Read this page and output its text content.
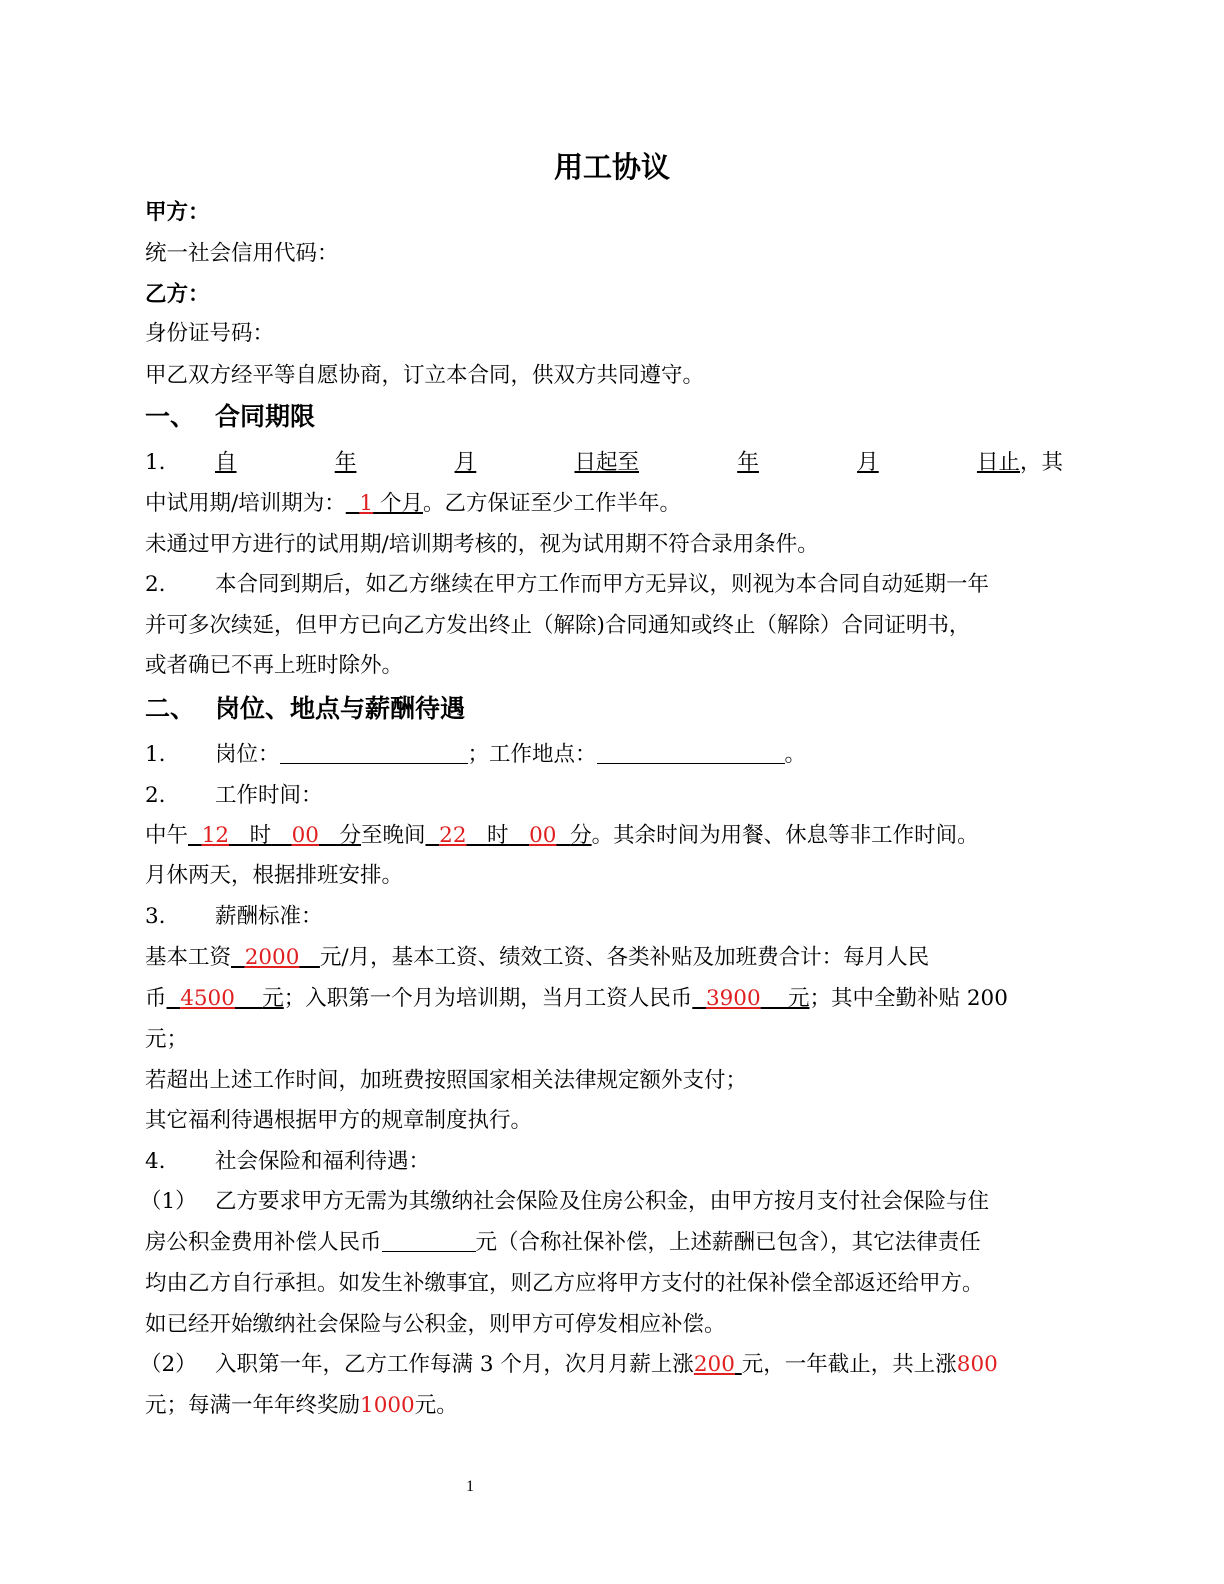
用工协议
甲方：
统一社会信用代码：
乙方：
身份证号码：
甲乙双方经平等自愿协商，订立本合同，供双方共同遵守。
一、 合同期限
1. 自	年	月	日起至	年	月	日止 ，其
中试用期/培训期为： 1 个月。乙方保证至少工作半年。
未通过甲方进行的试用期/培训期考核的，视为试用期不符合录用条件。
2. 本合同到期后，如乙方继续在甲方工作而甲方无异议，则视为本合同自动延期一年
并可多次续延，但甲方已向乙方发出终止（解除)合同通知或终止（解除）合同证明书，
或者确已不再上班时除外。
二、 岗位、地点与薪酬待遇
1. 岗位：	；工作地点：	。
2. 工作时间：
中午 12 时 00 分至晚间 22 时 00 分。其余时间为用餐、休息等非工作时间。
月休两天，根据排班安排。
3. 薪酬标准：
基本工资 2000 元/月，基本工资、绩效工资、各类补贴及加班费合计：每月人民
币 4500 元；入职第一个月为培训期，当月工资人民币 3900 元；其中全勤补贴 200
元；
若超出上述工作时间，加班费按照国家相关法律规定额外支付；
其它福利待遇根据甲方的规章制度执行。
4. 社会保险和福利待遇：
（1） 乙方要求甲方无需为其缴纳社会保险及住房公积金，由甲方按月支付社会保险与住
房公积金费用补偿人民币	元（合称社保补偿，上述薪酬已包含），其它法律责任
均由乙方自行承担。如发生补缴事宜，则乙方应将甲方支付的社保补偿全部返还给甲方。
如已经开始缴纳社会保险与公积金，则甲方可停发相应补偿。
（2） 入职第一年，乙方工作每满 3 个月，次月月薪上涨200 元，一年截止，共上涨800
元；每满一年年终奖励1000元。
1
